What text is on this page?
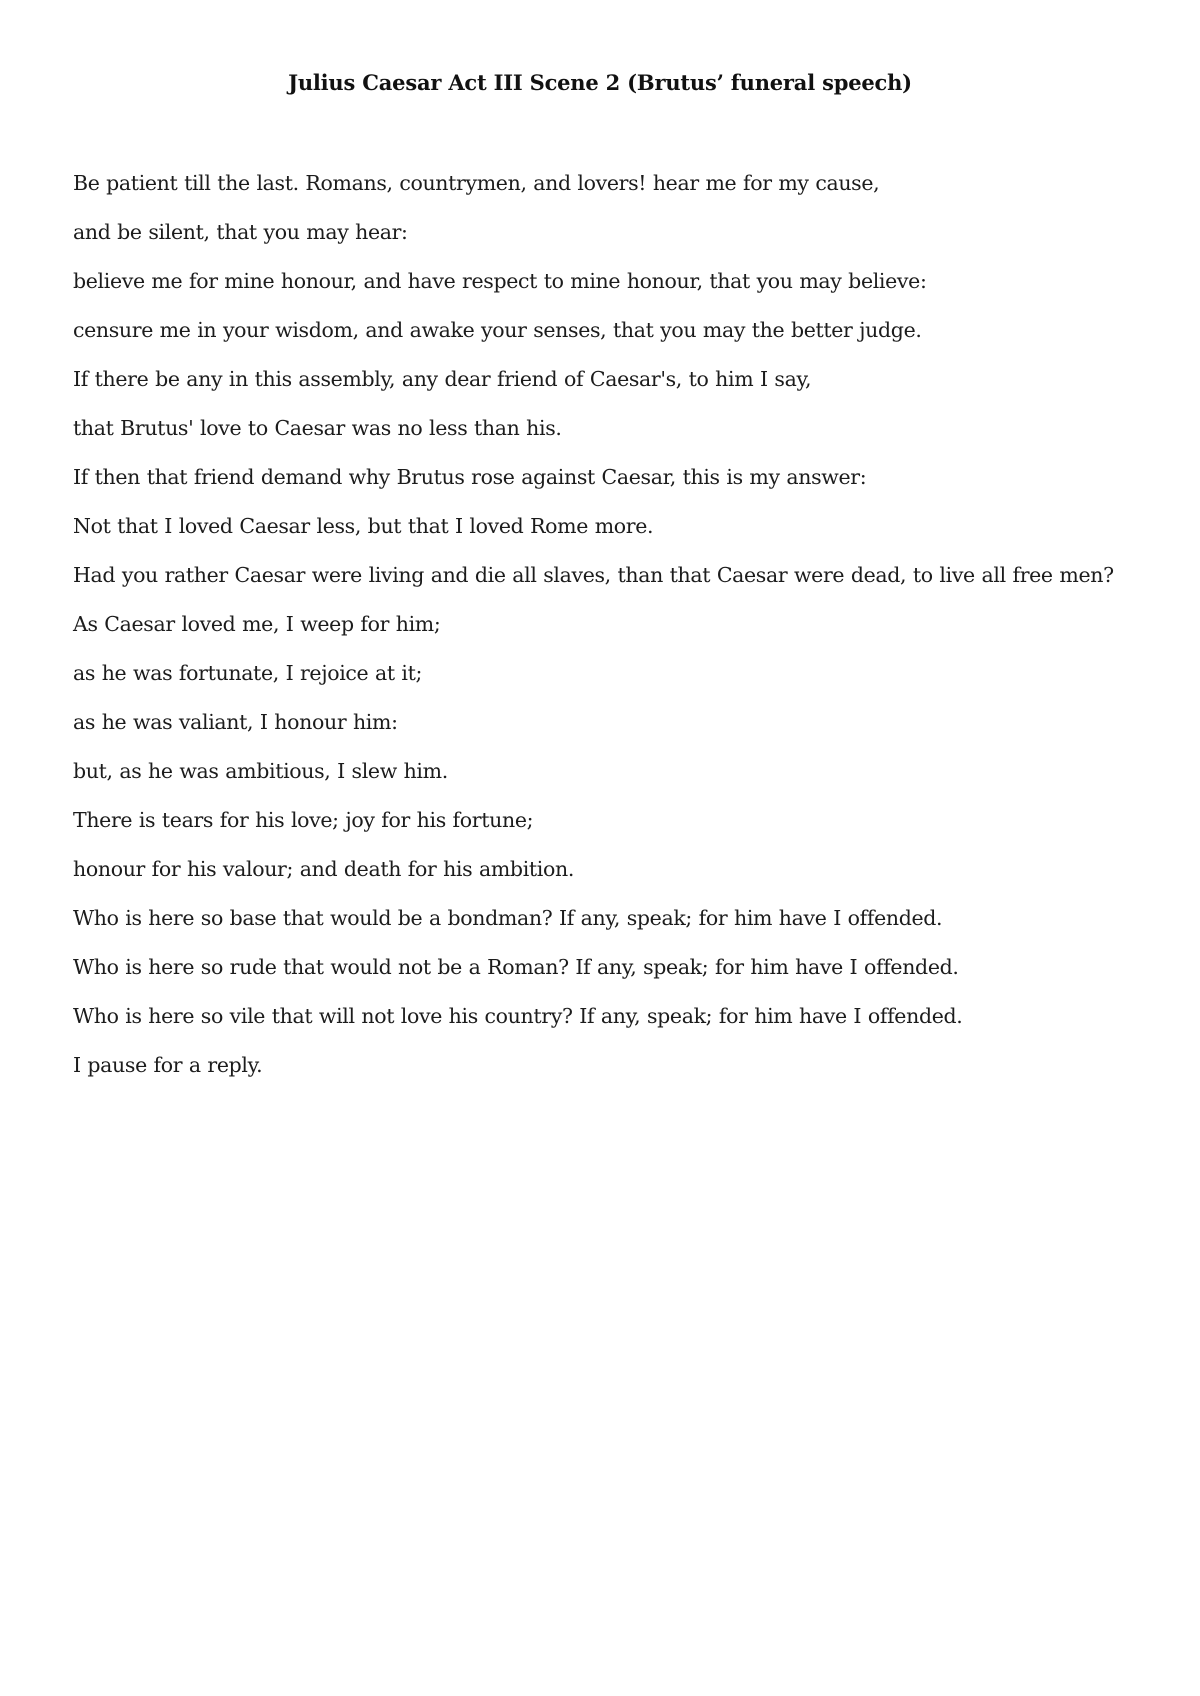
Julius Caesar Act III Scene 2 (Brutus’ funeral speech)
Be patient till the last. Romans, countrymen, and lovers! hear me for my cause,
and be silent, that you may hear:
believe me for mine honour, and have respect to mine honour, that you may believe:
censure me in your wisdom, and awake your senses, that you may the better judge.
If there be any in this assembly, any dear friend of Caesar's, to him I say,
that Brutus' love to Caesar was no less than his.
If then that friend demand why Brutus rose against Caesar, this is my answer:
Not that I loved Caesar less, but that I loved Rome more.
Had you rather Caesar were living and die all slaves, than that Caesar were dead, to live all free men?
As Caesar loved me, I weep for him;
as he was fortunate, I rejoice at it;
as he was valiant, I honour him:
but, as he was ambitious, I slew him.
There is tears for his love; joy for his fortune;
honour for his valour; and death for his ambition.
Who is here so base that would be a bondman? If any, speak; for him have I offended.
Who is here so rude that would not be a Roman? If any, speak; for him have I offended.
Who is here so vile that will not love his country? If any, speak; for him have I offended.
I pause for a reply.
